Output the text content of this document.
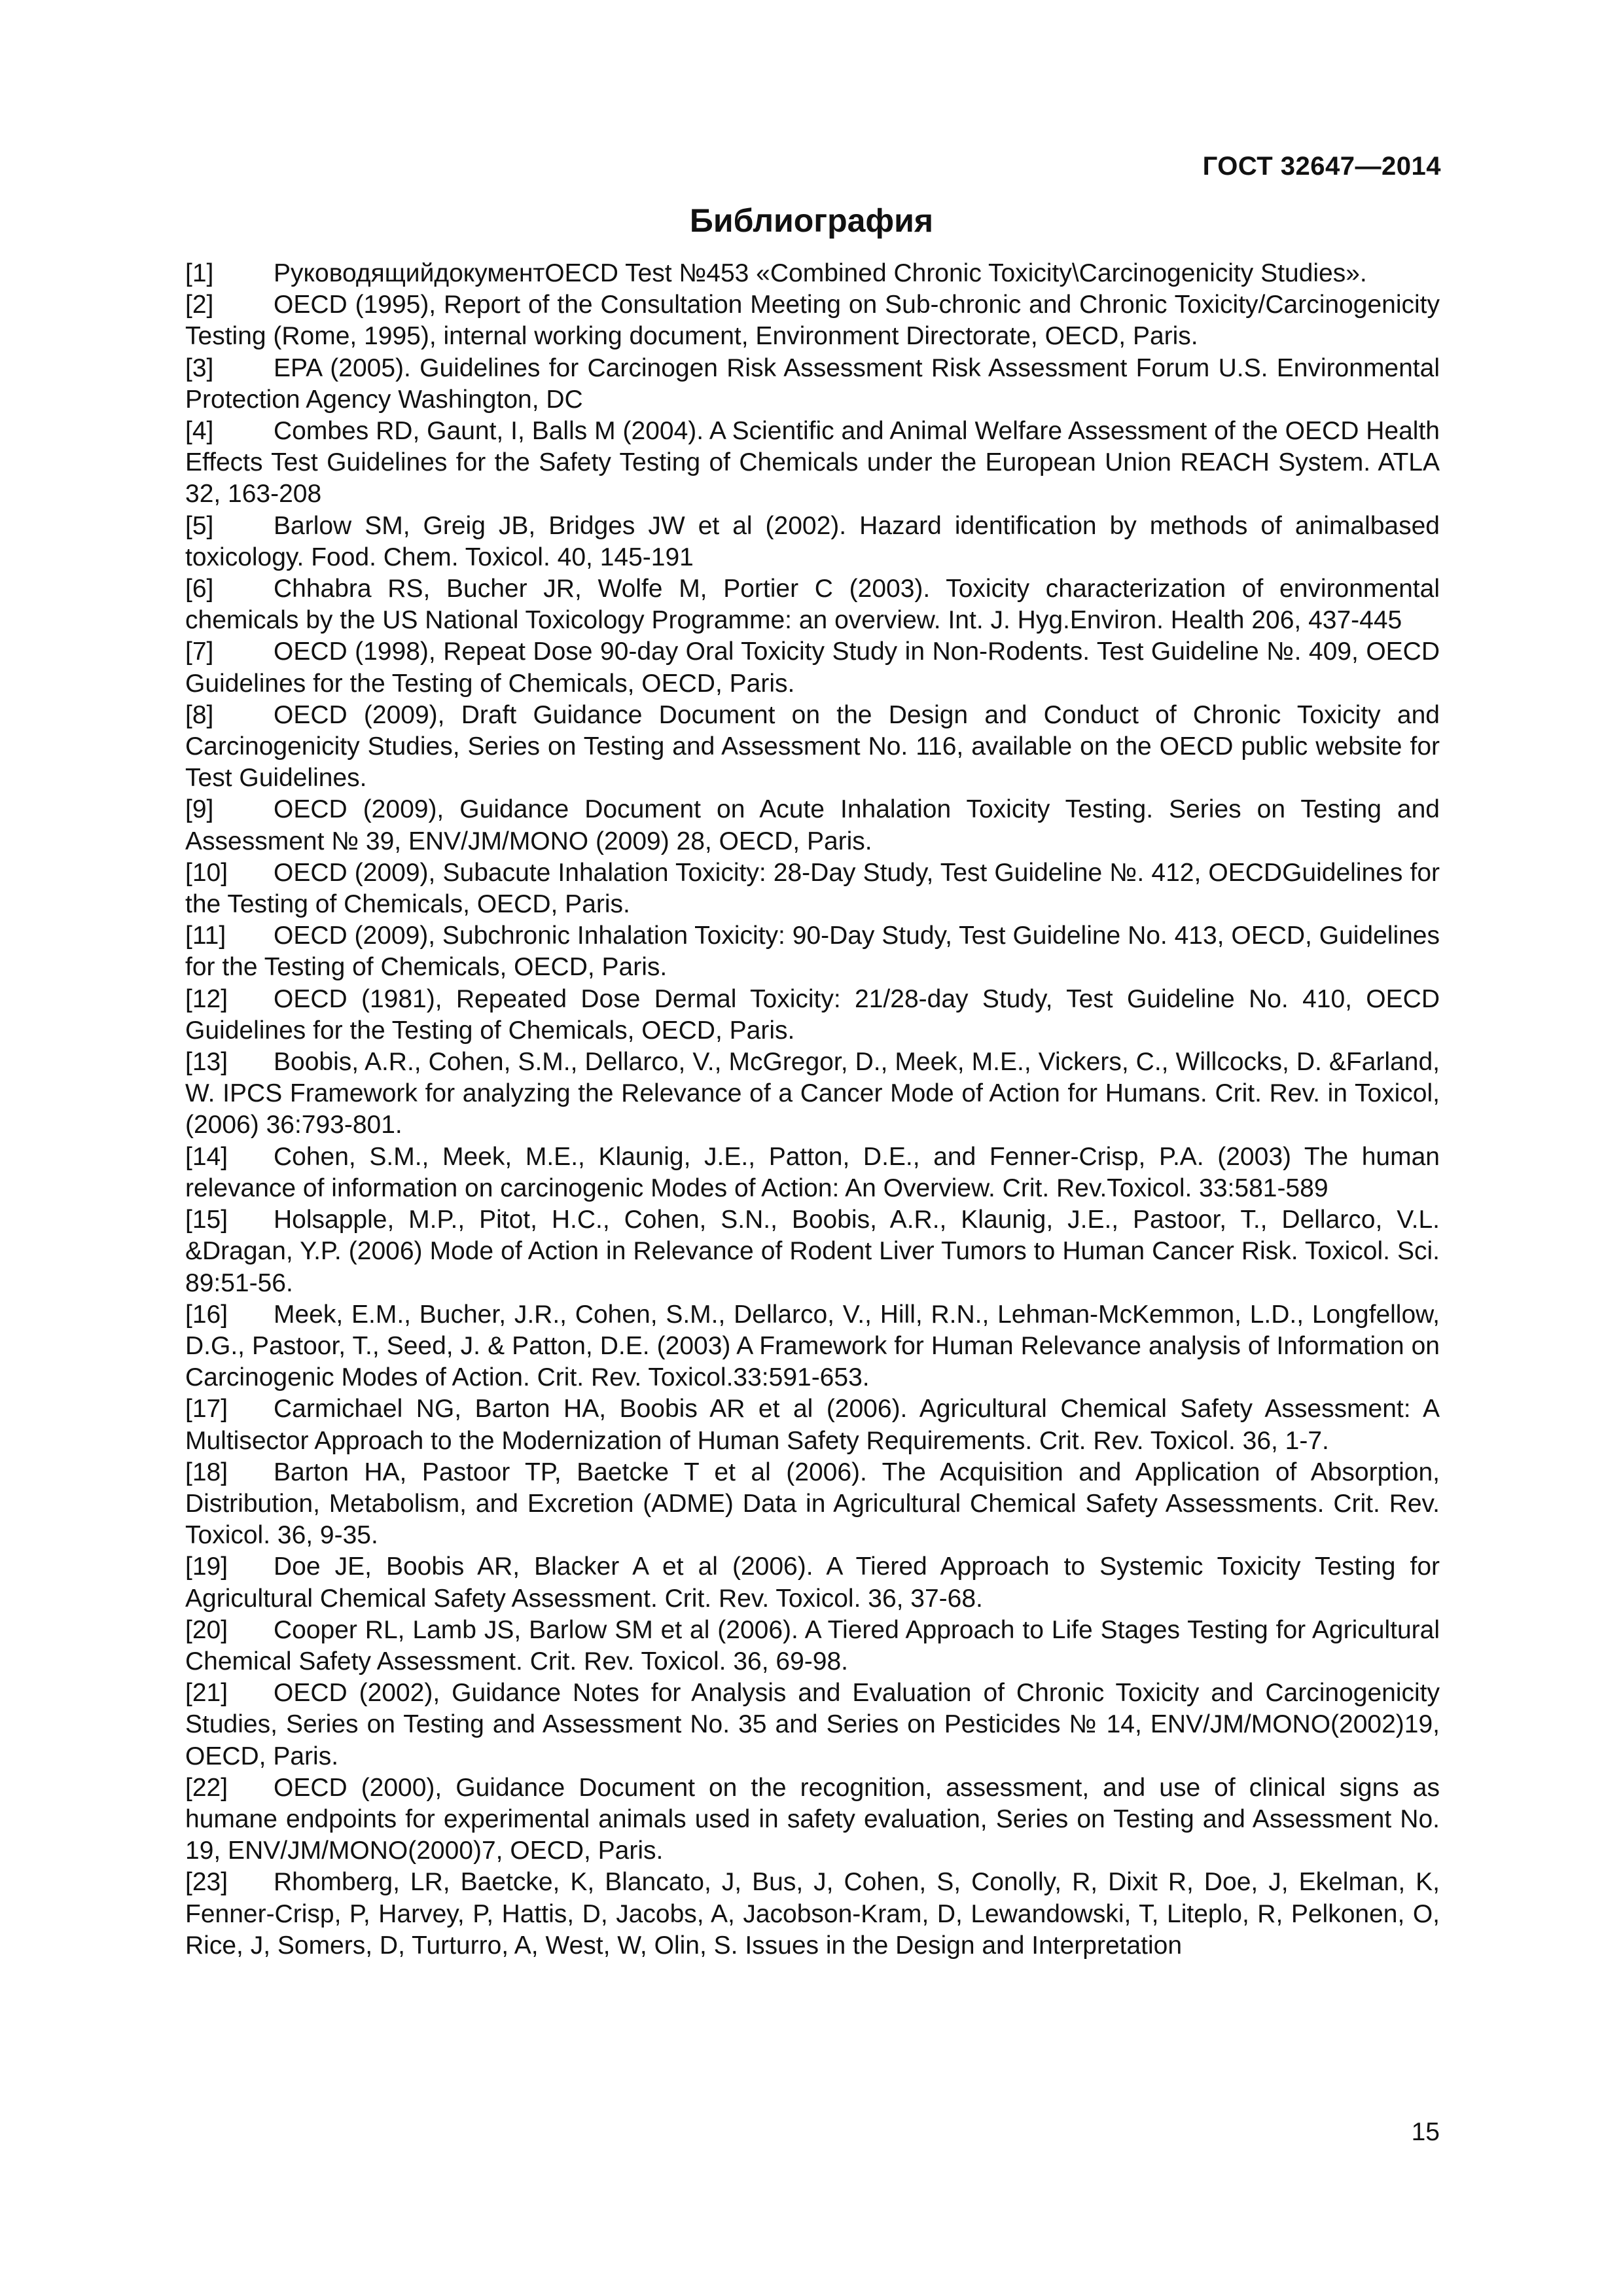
ГОСТ 32647—2014
Библиография
[1] РуководящийдокументOECD Test №453 «Combined Chronic Toxicity\Carcinogenicity Studies».
[2] OECD (1995), Report of the Consultation Meeting on Sub-chronic and Chronic Toxicity/Carcinogenicity Testing (Rome, 1995), internal working document, Environment Directorate, OECD, Paris.
[3] EPA (2005). Guidelines for Carcinogen Risk Assessment Risk Assessment Forum U.S. Environmental Protection Agency Washington, DC
[4] Combes RD, Gaunt, I, Balls M (2004). A Scientific and Animal Welfare Assessment of the OECD Health Effects Test Guidelines for the Safety Testing of Chemicals under the European Union REACH System. ATLA 32, 163-208
[5] Barlow SM, Greig JB, Bridges JW et al (2002). Hazard identification by methods of animalbased toxicology. Food. Chem. Toxicol. 40, 145-191
[6] Chhabra RS, Bucher JR, Wolfe M, Portier C (2003). Toxicity characterization of environmental chemicals by the US National Toxicology Programme: an overview. Int. J. Hyg.Environ. Health 206, 437-445
[7] OECD (1998), Repeat Dose 90-day Oral Toxicity Study in Non-Rodents. Test Guideline №. 409, OECD Guidelines for the Testing of Chemicals, OECD, Paris.
[8] OECD (2009), Draft Guidance Document on the Design and Conduct of Chronic Toxicity and Carcinogenicity Studies, Series on Testing and Assessment No. 116, available on the OECD public website for Test Guidelines.
[9] OECD (2009), Guidance Document on Acute Inhalation Toxicity Testing. Series on Testing and Assessment № 39, ENV/JM/MONO (2009) 28, OECD, Paris.
[10] OECD (2009), Subacute Inhalation Toxicity: 28-Day Study, Test Guideline №. 412, OECDGuidelines for the Testing of Chemicals, OECD, Paris.
[11] OECD (2009), Subchronic Inhalation Toxicity: 90-Day Study, Test Guideline No. 413, OECD, Guidelines for the Testing of Chemicals, OECD, Paris.
[12] OECD (1981), Repeated Dose Dermal Toxicity: 21/28-day Study, Test Guideline No. 410, OECD Guidelines for the Testing of Chemicals, OECD, Paris.
[13] Boobis, A.R., Cohen, S.M., Dellarco, V., McGregor, D., Meek, M.E., Vickers, C., Willcocks, D. &Farland, W. IPCS Framework for analyzing the Relevance of a Cancer Mode of Action for Humans. Crit. Rev. in Toxicol, (2006) 36:793-801.
[14] Cohen, S.M., Meek, M.E., Klaunig, J.E., Patton, D.E., and Fenner-Crisp, P.A. (2003) The human relevance of information on carcinogenic Modes of Action: An Overview. Crit. Rev.Toxicol. 33:581-589
[15] Holsapple, M.P., Pitot, H.C., Cohen, S.N., Boobis, A.R., Klaunig, J.E., Pastoor, T., Dellarco, V.L. &Dragan, Y.P. (2006) Mode of Action in Relevance of Rodent Liver Tumors to Human Cancer Risk. Toxicol. Sci. 89:51-56.
[16] Meek, E.M., Bucher, J.R., Cohen, S.M., Dellarco, V., Hill, R.N., Lehman-McKemmon, L.D., Longfellow, D.G., Pastoor, T., Seed, J. & Patton, D.E. (2003) A Framework for Human Relevance analysis of Information on Carcinogenic Modes of Action. Crit. Rev. Toxicol.33:591-653.
[17] Carmichael NG, Barton HA, Boobis AR et al (2006). Agricultural Chemical Safety Assessment: A Multisector Approach to the Modernization of Human Safety Requirements. Crit. Rev. Toxicol. 36, 1-7.
[18] Barton HA, Pastoor TP, Baetcke T et al (2006). The Acquisition and Application of Absorption, Distribution, Metabolism, and Excretion (ADME) Data in Agricultural Chemical Safety Assessments. Crit. Rev. Toxicol. 36, 9-35.
[19] Doe JE, Boobis AR, Blacker A et al (2006). A Tiered Approach to Systemic Toxicity Testing for Agricultural Chemical Safety Assessment. Crit. Rev. Toxicol. 36, 37-68.
[20] Cooper RL, Lamb JS, Barlow SM et al (2006). A Tiered Approach to Life Stages Testing for Agricultural Chemical Safety Assessment. Crit. Rev. Toxicol. 36, 69-98.
[21] OECD (2002), Guidance Notes for Analysis and Evaluation of Chronic Toxicity and Carcinogenicity Studies, Series on Testing and Assessment No. 35 and Series on Pesticides № 14, ENV/JM/MONO(2002)19, OECD, Paris.
[22] OECD (2000), Guidance Document on the recognition, assessment, and use of clinical signs as humane endpoints for experimental animals used in safety evaluation, Series on Testing and Assessment No. 19, ENV/JM/MONO(2000)7, OECD, Paris.
[23] Rhomberg, LR, Baetcke, K, Blancato, J, Bus, J, Cohen, S, Conolly, R, Dixit R, Doe, J, Ekelman, K, Fenner-Crisp, P, Harvey, P, Hattis, D, Jacobs, A, Jacobson-Kram, D, Lewandowski, T, Liteplo, R, Pelkonen, O, Rice, J, Somers, D, Turturro, A, West, W, Olin, S. Issues in the Design and Interpretation
15
